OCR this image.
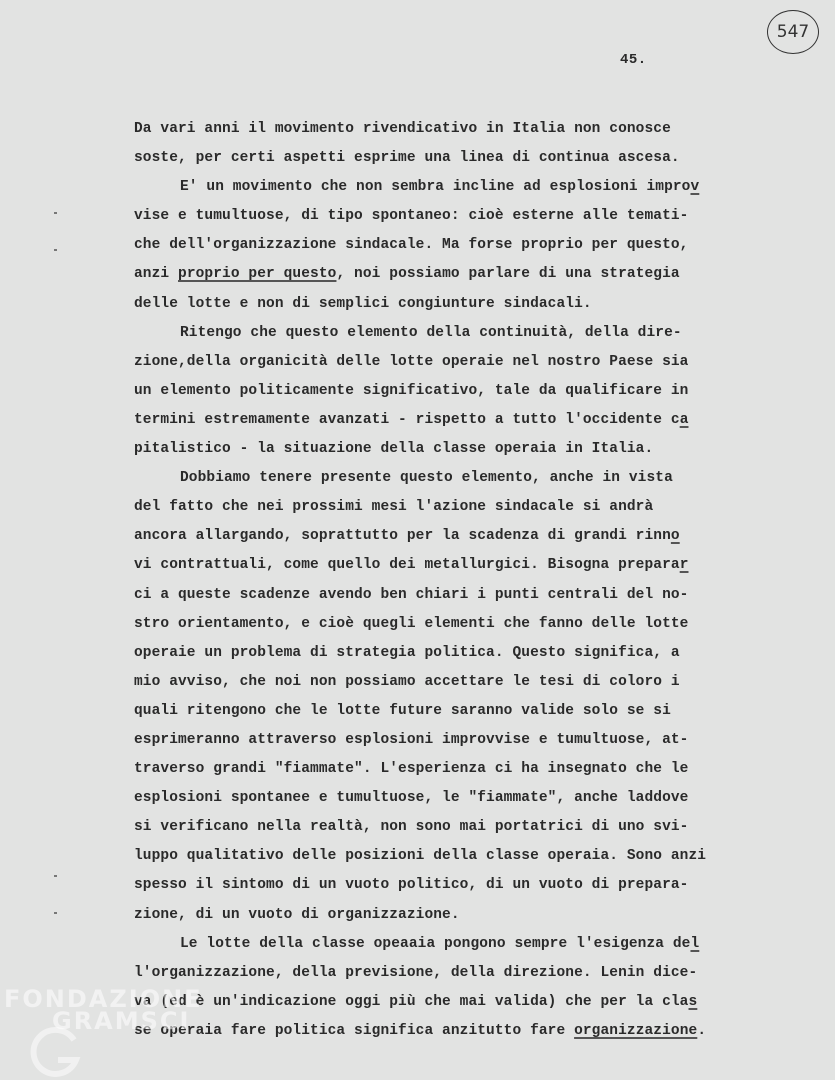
547
45.
Da vari anni il movimento rivendicativo in Italia non conosce
soste, per certi aspetti esprime una linea di continua ascesa.
E' un movimento che non sembra incline ad esplosioni improv
vise e tumultuose, di tipo spontaneo: cioè esterne alle temati-
che dell'organizzazione sindacale. Ma forse proprio per questo,
anzi proprio per questo, noi possiamo parlare di una strategia
delle lotte e non di semplici congiunture sindacali.
Ritengo che questo elemento della continuità, della dire-
zione,della organicità delle lotte operaie nel nostro Paese sia
un elemento politicamente significativo, tale da qualificare in
termini estremamente avanzati - rispetto a tutto l'occidente ca
pitalistico - la situazione della classe operaia in Italia.
Dobbiamo tenere presente questo elemento, anche in vista
del fatto che nei prossimi mesi l'azione sindacale si andrà
ancora allargando, soprattutto per la scadenza di grandi rinno
vi contrattuali, come quello dei metallurgici. Bisogna preparar
ci a queste scadenze avendo ben chiari i punti centrali del no-
stro orientamento, e cioè quegli elementi che fanno delle lotte
operaie un problema di strategia politica. Questo significa, a
mio avviso, che noi non possiamo accettare le tesi di coloro i
quali ritengono che le lotte future saranno valide solo se si
esprimeranno attraverso esplosioni improvvise e tumultuose, at-
traverso grandi "fiammate". L'esperienza ci ha insegnato che le
esplosioni spontanee e tumultuose, le "fiammate", anche laddove
si verificano nella realtà, non sono mai portatrici di uno svi-
luppo qualitativo delle posizioni della classe operaia. Sono anzi
spesso il sintomo di un vuoto politico, di un vuoto di prepara-
zione, di un vuoto di organizzazione.
Le lotte della classe opeaaia pongono sempre l'esigenza del
l'organizzazione, della previsione, della direzione. Lenin dice-
va (ed è un'indicazione oggi più che mai valida) che per la clas
se operaia fare politica significa anzitutto fare organizzazione.
FONDAZIONE
GRAMSCI
